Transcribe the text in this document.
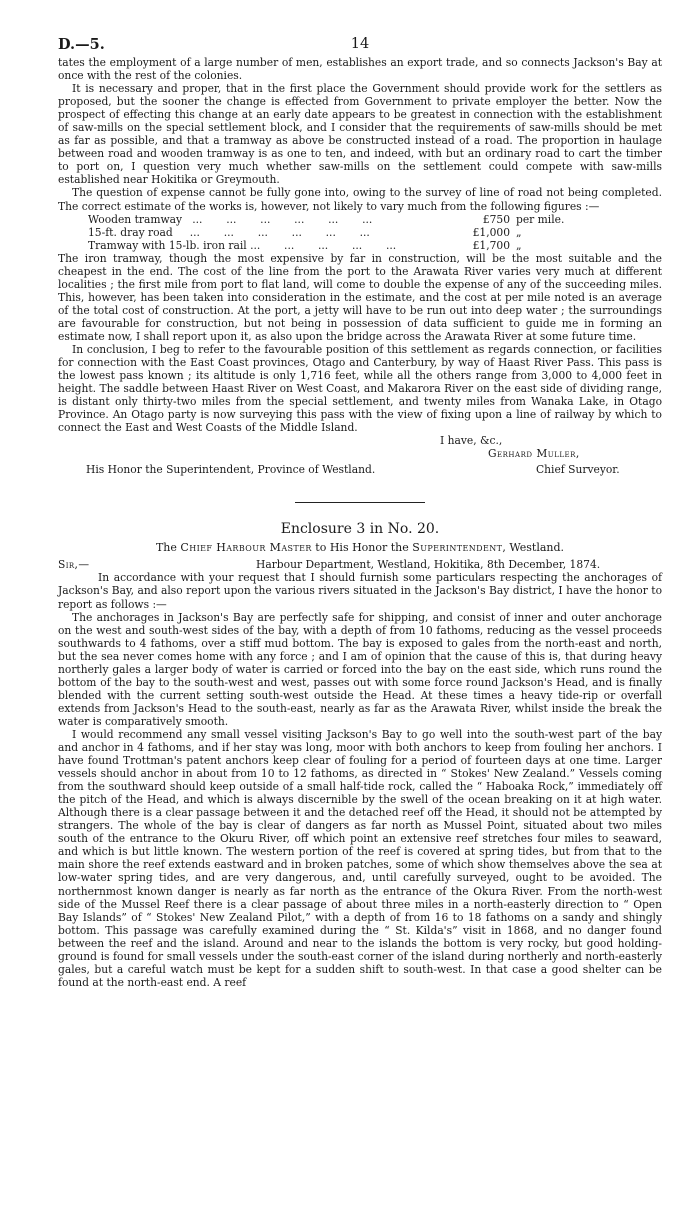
D.—5.	14

tates the employment of a large number of men, establishes an export trade, and so connects Jackson's Bay at once with the rest of the colonies.

It is necessary and proper, that in the first place the Government should provide work for the settlers as proposed, but the sooner the change is effected from Government to private employer the better. Now the prospect of effecting this change at an early date appears to be greatest in connection with the establishment of saw-mills on the special settlement block, and I consider that the requirements of saw-mills should be met as far as possible, and that a tramway as above be constructed instead of a road. The proportion in haulage between road and wooden tramway is as one to ten, and indeed, with but an ordinary road to cart the timber to port on, I question very much whether saw-mills on the settlement could compete with saw-mills established near Hokitika or Greymouth.

The question of expense cannot be fully gone into, owing to the survey of line of road not being completed. The correct estimate of the works is, however, not likely to vary much from the following figures :—

Wooden tramway   ...       ...       ...       ...       ...       ...	£750 per mile.
15-ft. dray road     ...       ...       ...       ...       ...       ...	£1,000 „
Tramway with 15-lb. iron rail ...       ...       ...       ...       ...	£1,700 „

The iron tramway, though the most expensive by far in construction, will be the most suitable and the cheapest in the end. The cost of the line from the port to the Arawata River varies very much at different localities ; the first mile from port to flat land, will come to double the expense of any of the succeeding miles. This, however, has been taken into consideration in the estimate, and the cost at per mile noted is an average of the total cost of construction. At the port, a jetty will have to be run out into deep water ; the surroundings are favourable for construction, but not being in possession of data sufficient to guide me in forming an estimate now, I shall report upon it, as also upon the bridge across the Arawata River at some future time.

In conclusion, I beg to refer to the favourable position of this settlement as regards connection, or facilities for connection with the East Coast provinces, Otago and Canterbury, by way of Haast River Pass. This pass is the lowest pass known ; its altitude is only 1,716 feet, while all the others range from 3,000 to 4,000 feet in height. The saddle between Haast River on West Coast, and Makarora River on the east side of dividing range, is distant only thirty-two miles from the special settlement, and twenty miles from Wanaka Lake, in Otago Province. An Otago party is now surveying this pass with the view of fixing upon a line of railway by which to connect the East and West Coasts of the Middle Island.

I have, &c.,
Gerhard Muller,
His Honor the Superintendent, Province of Westland.	Chief Surveyor.
Enclosure 3 in No. 20.
The Chief Harbour Master to His Honor the Superintendent, Westland.
Sir,—	Harbour Department, Westland, Hokitika, 8th December, 1874.

In accordance with your request that I should furnish some particulars respecting the anchorages of Jackson's Bay, and also report upon the various rivers situated in the Jackson's Bay district, I have the honor to report as follows :—

The anchorages in Jackson's Bay are perfectly safe for shipping, and consist of inner and outer anchorage on the west and south-west sides of the bay, with a depth of from 10 fathoms, reducing as the vessel proceeds southwards to 4 fathoms, over a stiff mud bottom. The bay is exposed to gales from the north-east and north, but the sea never comes home with any force ; and I am of opinion that the cause of this is, that during heavy northerly gales a larger body of water is carried or forced into the bay on the east side, which runs round the bottom of the bay to the south-west and west, passes out with some force round Jackson's Head, and is finally blended with the current setting south-west outside the Head. At these times a heavy tide-rip or overfall extends from Jackson's Head to the south-east, nearly as far as the Arawata River, whilst inside the break the water is comparatively smooth.

I would recommend any small vessel visiting Jackson's Bay to go well into the south-west part of the bay and anchor in 4 fathoms, and if her stay was long, moor with both anchors to keep from fouling her anchors. I have found Trottman's patent anchors keep clear of fouling for a period of fourteen days at one time. Larger vessels should anchor in about from 10 to 12 fathoms, as directed in “ Stokes' New Zealand.” Vessels coming from the southward should keep outside of a small half-tide rock, called the “ Haboaka Rock,” immediately off the pitch of the Head, and which is always discernible by the swell of the ocean breaking on it at high water. Although there is a clear passage between it and the detached reef off the Head, it should not be attempted by strangers. The whole of the bay is clear of dangers as far north as Mussel Point, situated about two miles south of the entrance to the Okuru River, off which point an extensive reef stretches four miles to seaward, and which is but little known. The western portion of the reef is covered at spring tides, but from that to the main shore the reef extends eastward and in broken patches, some of which show themselves above the sea at low-water spring tides, and are very dangerous, and, until carefully surveyed, ought to be avoided. The northernmost known danger is nearly as far north as the entrance of the Okura River. From the north-west side of the Mussel Reef there is a clear passage of about three miles in a north-easterly direction to “ Open Bay Islands” of “ Stokes' New Zealand Pilot,” with a depth of from 16 to 18 fathoms on a sandy and shingly bottom. This passage was carefully examined during the “ St. Kilda's” visit in 1868, and no danger found between the reef and the island. Around and near to the islands the bottom is very rocky, but good holding-ground is found for small vessels under the south-east corner of the island during northerly and north-easterly gales, but a careful watch must be kept for a sudden shift to south-west. In that case a good shelter can be found at the north-east end. A reef
